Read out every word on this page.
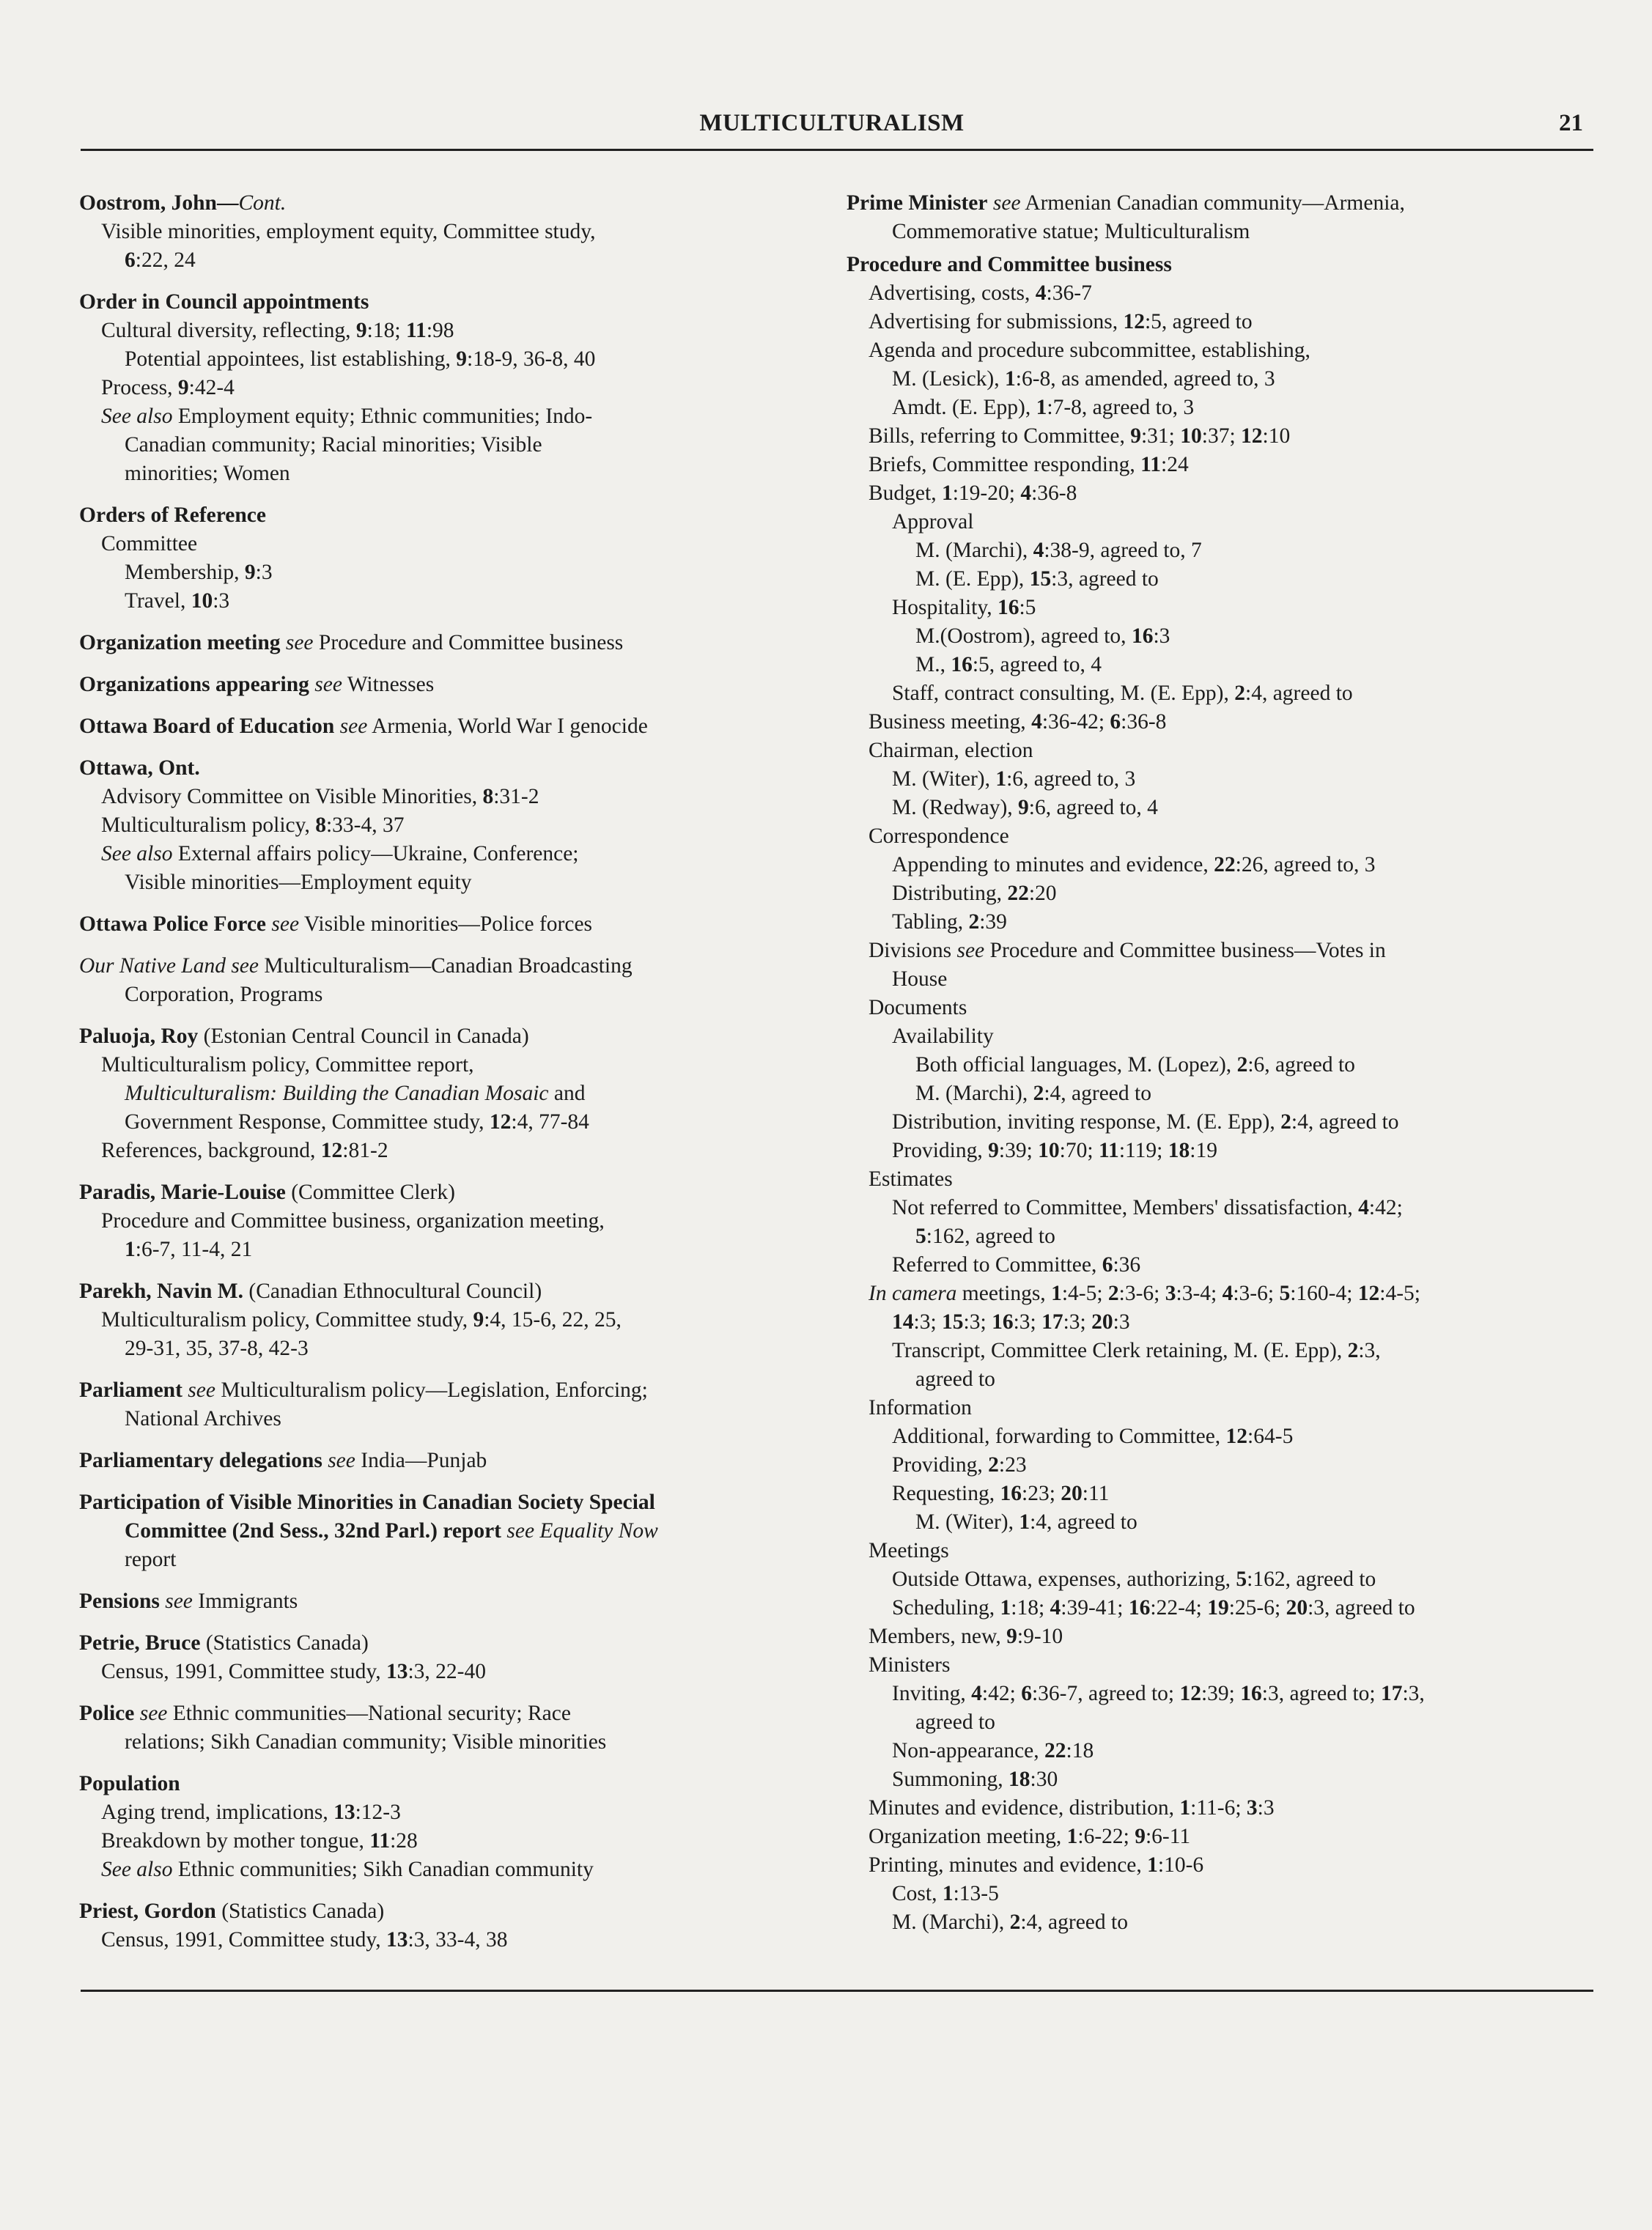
MULTICULTURALISM	21
Oostrom, John—Cont.
Visible minorities, employment equity, Committee study,
6:22, 24
Order in Council appointments
Cultural diversity, reflecting, 9:18; 11:98
Potential appointees, list establishing, 9:18-9, 36-8, 40
Process, 9:42-4
See also Employment equity; Ethnic communities; Indo-
Canadian community; Racial minorities; Visible
minorities; Women
Orders of Reference
Committee
Membership, 9:3
Travel, 10:3
Organization meeting see Procedure and Committee business
Organizations appearing see Witnesses
Ottawa Board of Education see Armenia, World War I genocide
Ottawa, Ont.
Advisory Committee on Visible Minorities, 8:31-2
Multiculturalism policy, 8:33-4, 37
See also External affairs policy—Ukraine, Conference;
Visible minorities—Employment equity
Ottawa Police Force see Visible minorities—Police forces
Our Native Land see Multiculturalism—Canadian Broadcasting
Corporation, Programs
Paluoja, Roy (Estonian Central Council in Canada)
Multiculturalism policy, Committee report,
Multiculturalism: Building the Canadian Mosaic and
Government Response, Committee study, 12:4, 77-84
References, background, 12:81-2
Paradis, Marie-Louise (Committee Clerk)
Procedure and Committee business, organization meeting,
1:6-7, 11-4, 21
Parekh, Navin M. (Canadian Ethnocultural Council)
Multiculturalism policy, Committee study, 9:4, 15-6, 22, 25,
29-31, 35, 37-8, 42-3
Parliament see Multiculturalism policy—Legislation, Enforcing;
National Archives
Parliamentary delegations see India—Punjab
Participation of Visible Minorities in Canadian Society Special
Committee (2nd Sess., 32nd Parl.) report see Equality Now
report
Pensions see Immigrants
Petrie, Bruce (Statistics Canada)
Census, 1991, Committee study, 13:3, 22-40
Police see Ethnic communities—National security; Race
relations; Sikh Canadian community; Visible minorities
Population
Aging trend, implications, 13:12-3
Breakdown by mother tongue, 11:28
See also Ethnic communities; Sikh Canadian community
Priest, Gordon (Statistics Canada)
Census, 1991, Committee study, 13:3, 33-4, 38
Prime Minister see Armenian Canadian community—Armenia,
Commemorative statue; Multiculturalism
Procedure and Committee business
Advertising, costs, 4:36-7
Advertising for submissions, 12:5, agreed to
Agenda and procedure subcommittee, establishing,
M. (Lesick), 1:6-8, as amended, agreed to, 3
Amdt. (E. Epp), 1:7-8, agreed to, 3
Bills, referring to Committee, 9:31; 10:37; 12:10
Briefs, Committee responding, 11:24
Budget, 1:19-20; 4:36-8
Approval
M. (Marchi), 4:38-9, agreed to, 7
M. (E. Epp), 15:3, agreed to
Hospitality, 16:5
M.(Oostrom), agreed to, 16:3
M., 16:5, agreed to, 4
Staff, contract consulting, M. (E. Epp), 2:4, agreed to
Business meeting, 4:36-42; 6:36-8
Chairman, election
M. (Witer), 1:6, agreed to, 3
M. (Redway), 9:6, agreed to, 4
Correspondence
Appending to minutes and evidence, 22:26, agreed to, 3
Distributing, 22:20
Tabling, 2:39
Divisions see Procedure and Committee business—Votes in
House
Documents
Availability
Both official languages, M. (Lopez), 2:6, agreed to
M. (Marchi), 2:4, agreed to
Distribution, inviting response, M. (E. Epp), 2:4, agreed to
Providing, 9:39; 10:70; 11:119; 18:19
Estimates
Not referred to Committee, Members' dissatisfaction, 4:42;
5:162, agreed to
Referred to Committee, 6:36
In camera meetings, 1:4-5; 2:3-6; 3:3-4; 4:3-6; 5:160-4; 12:4-5;
14:3; 15:3; 16:3; 17:3; 20:3
Transcript, Committee Clerk retaining, M. (E. Epp), 2:3,
agreed to
Information
Additional, forwarding to Committee, 12:64-5
Providing, 2:23
Requesting, 16:23; 20:11
M. (Witer), 1:4, agreed to
Meetings
Outside Ottawa, expenses, authorizing, 5:162, agreed to
Scheduling, 1:18; 4:39-41; 16:22-4; 19:25-6; 20:3, agreed to
Members, new, 9:9-10
Ministers
Inviting, 4:42; 6:36-7, agreed to; 12:39; 16:3, agreed to; 17:3,
agreed to
Non-appearance, 22:18
Summoning, 18:30
Minutes and evidence, distribution, 1:11-6; 3:3
Organization meeting, 1:6-22; 9:6-11
Printing, minutes and evidence, 1:10-6
Cost, 1:13-5
M. (Marchi), 2:4, agreed to
